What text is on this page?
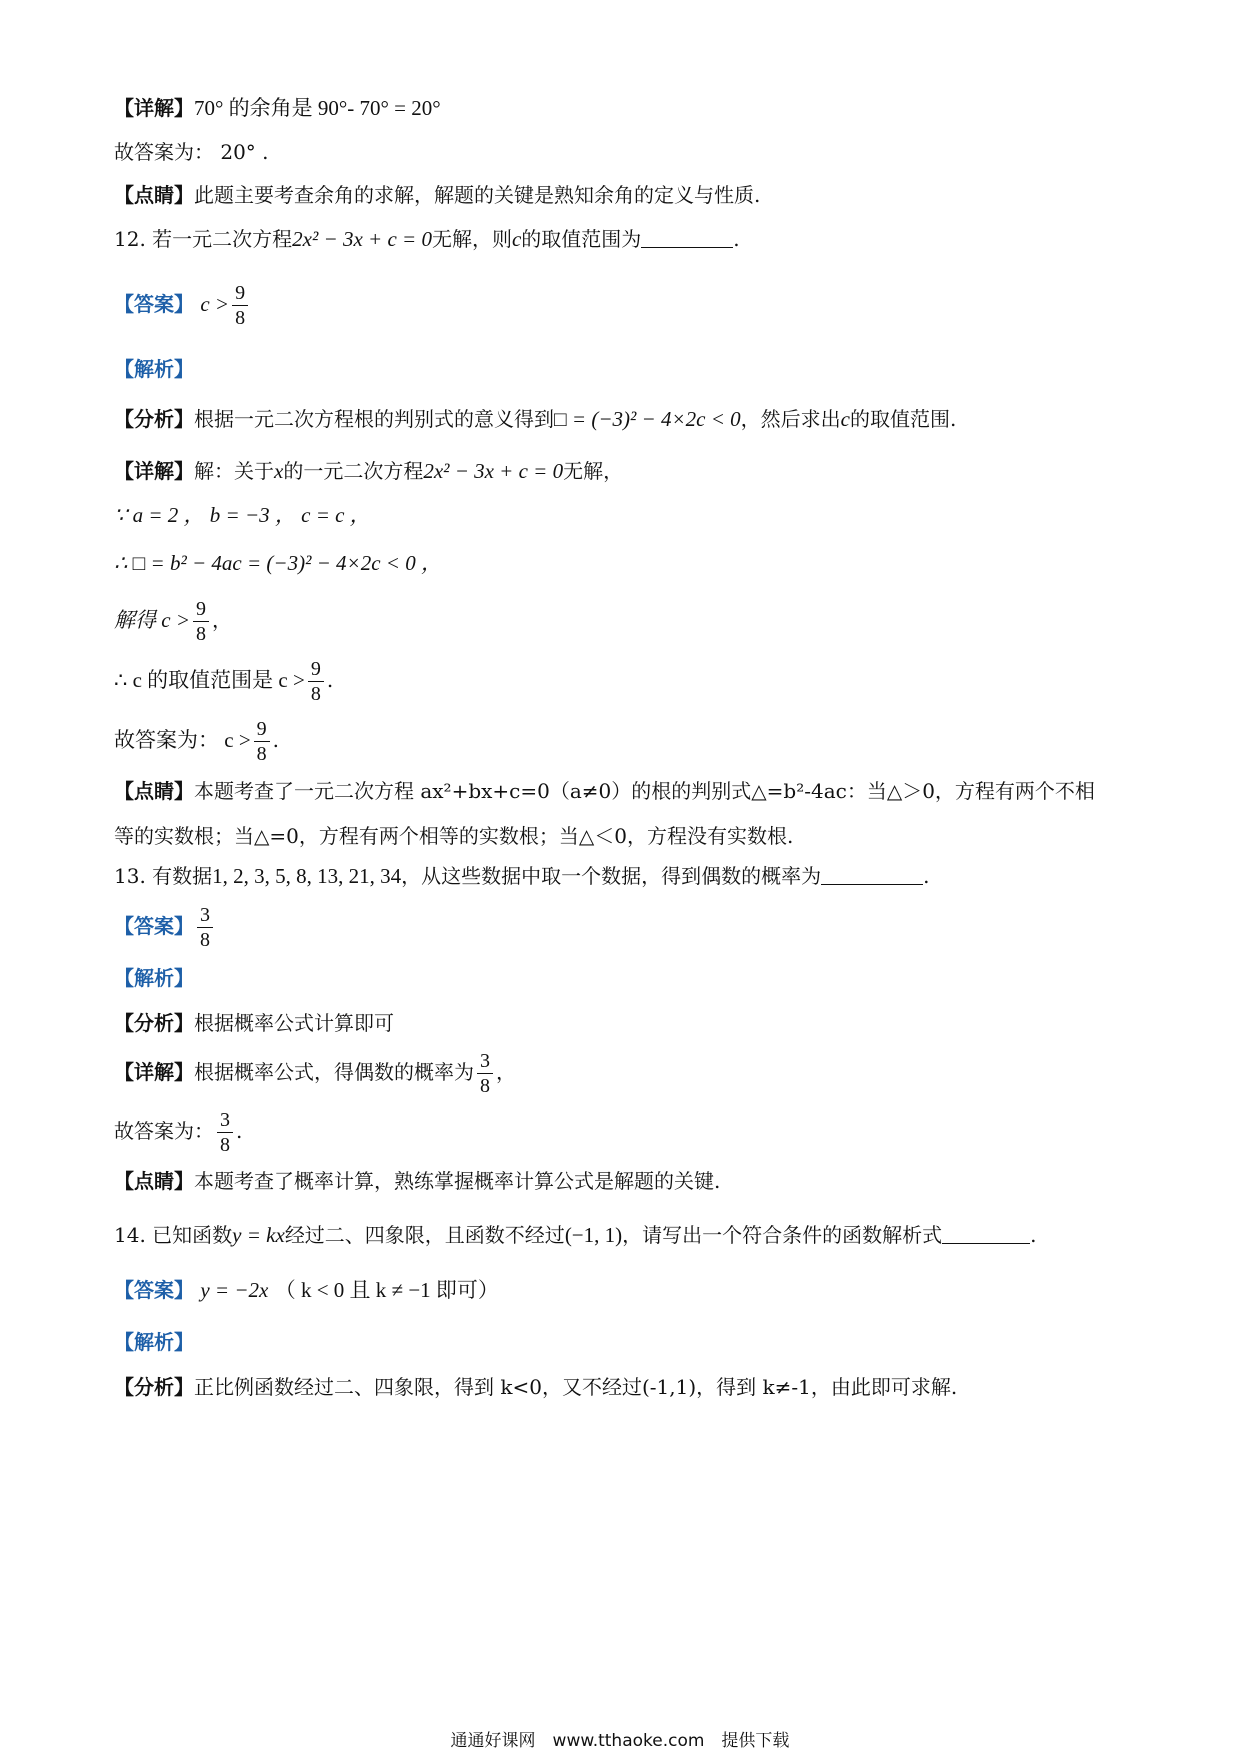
【详解】70° 的余角是 90°- 70° = 20°
故答案为： 20° .
【点睛】此题主要考查余角的求解，解题的关键是熟知余角的定义与性质.
12. 若一元二次方程2x² − 3x + c = 0无解，则c的取值范围为	.
【答案】 $c > \frac{9}{8}$
【解析】
【分析】根据一元二次方程根的判别式的意义得到□ = (−3)² − 4×2c < 0，然后求出c的取值范围.
【详解】解：关于x的一元二次方程2x² − 3x + c = 0无解，
∵ a = 2 ， b = −3 ， c = c ，
∴ □ = b² − 4ac = (−3)² − 4×2c < 0 ，
解得 $c > \frac{9}{8}$ ，
∴ c 的取值范围是 $c > \frac{9}{8}$ .
故答案为： $c > \frac{9}{8}$ .
【点睛】本题考查了一元二次方程 ax²+bx+c=0（a≠0）的根的判别式△=b²-4ac：当△＞0，方程有两个不相
等的实数根；当△=0，方程有两个相等的实数根；当△＜0，方程没有实数根.
13. 有数据1, 2, 3, 5, 8, 13, 21, 34，从这些数据中取一个数据，得到偶数的概率为	.
【答案】 $\frac{3}{8}$
【解析】
【分析】根据概率公式计算即可
【详解】根据概率公式，得偶数的概率为 $\frac{3}{8}$ ，
故答案为： $\frac{3}{8}$ .
【点睛】本题考查了概率计算，熟练掌握概率计算公式是解题的关键.
14. 已知函数y = kx经过二、四象限，且函数不经过(−1, 1)，请写出一个符合条件的函数解析式	.
【答案】 y = −2x （ k < 0 且 k ≠ −1 即可）
【解析】
【分析】正比例函数经过二、四象限，得到 k<0，又不经过(-1,1)，得到 k≠-1，由此即可求解.
通通好课网　www.tthaoke.com　提供下载
